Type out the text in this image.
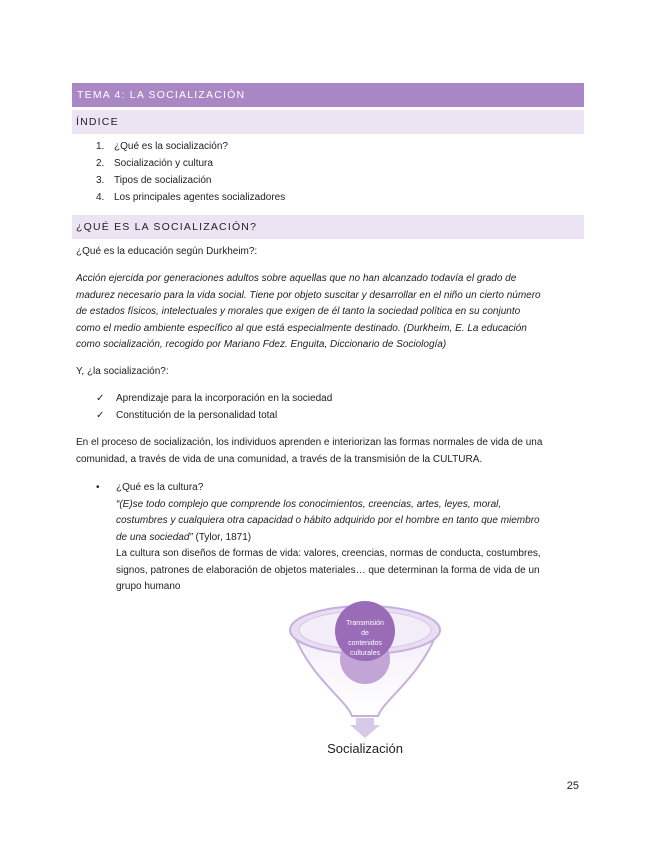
TEMA 4: LA SOCIALIZACIÓN
ÍNDICE
1. ¿Qué es la socialización?
2. Socialización y cultura
3. Tipos de socialización
4. Los principales agentes socializadores
¿QUÉ ES LA SOCIALIZACIÓN?
¿Qué es la educación según Durkheim?:
Acción ejercida por generaciones adultos sobre aquellas que no han alcanzado todavía el grado de
madurez necesario para la vida social. Tiene por objeto suscitar y desarrollar en el niño un cierto número
de estados físicos, intelectuales y morales que exigen de él tanto la sociedad política en su conjunto
como el medio ambiente específico al que está especialmente destinado. (Durkheim, E. La educación
como socialización, recogido por Mariano Fdez. Enguita, Diccionario de Sociología)
Y, ¿la socialización?:
✓	Aprendizaje para la incorporación en la sociedad
✓	Constitución de la personalidad total
En el proceso de socialización, los individuos aprenden e interiorizan las formas normales de vida de una
comunidad, a través de vida de una comunidad, a través de la transmisión de la CULTURA.
•	¿Qué es la cultura?
“(E)se todo complejo que comprende los conocimientos, creencias, artes, leyes, moral,
costumbres y cualquiera otra capacidad o hábito adquirido por el hombre en tanto que miembro
de una sociedad” (Tylor, 1871)
La cultura son diseños de formas de vida: valores, creencias, normas de conducta, costumbres,
signos, patrones de elaboración de objetos materiales… que determinan la forma de vida de un
grupo humano
Transmisión
de
contenidos
culturales
Socialización
25
